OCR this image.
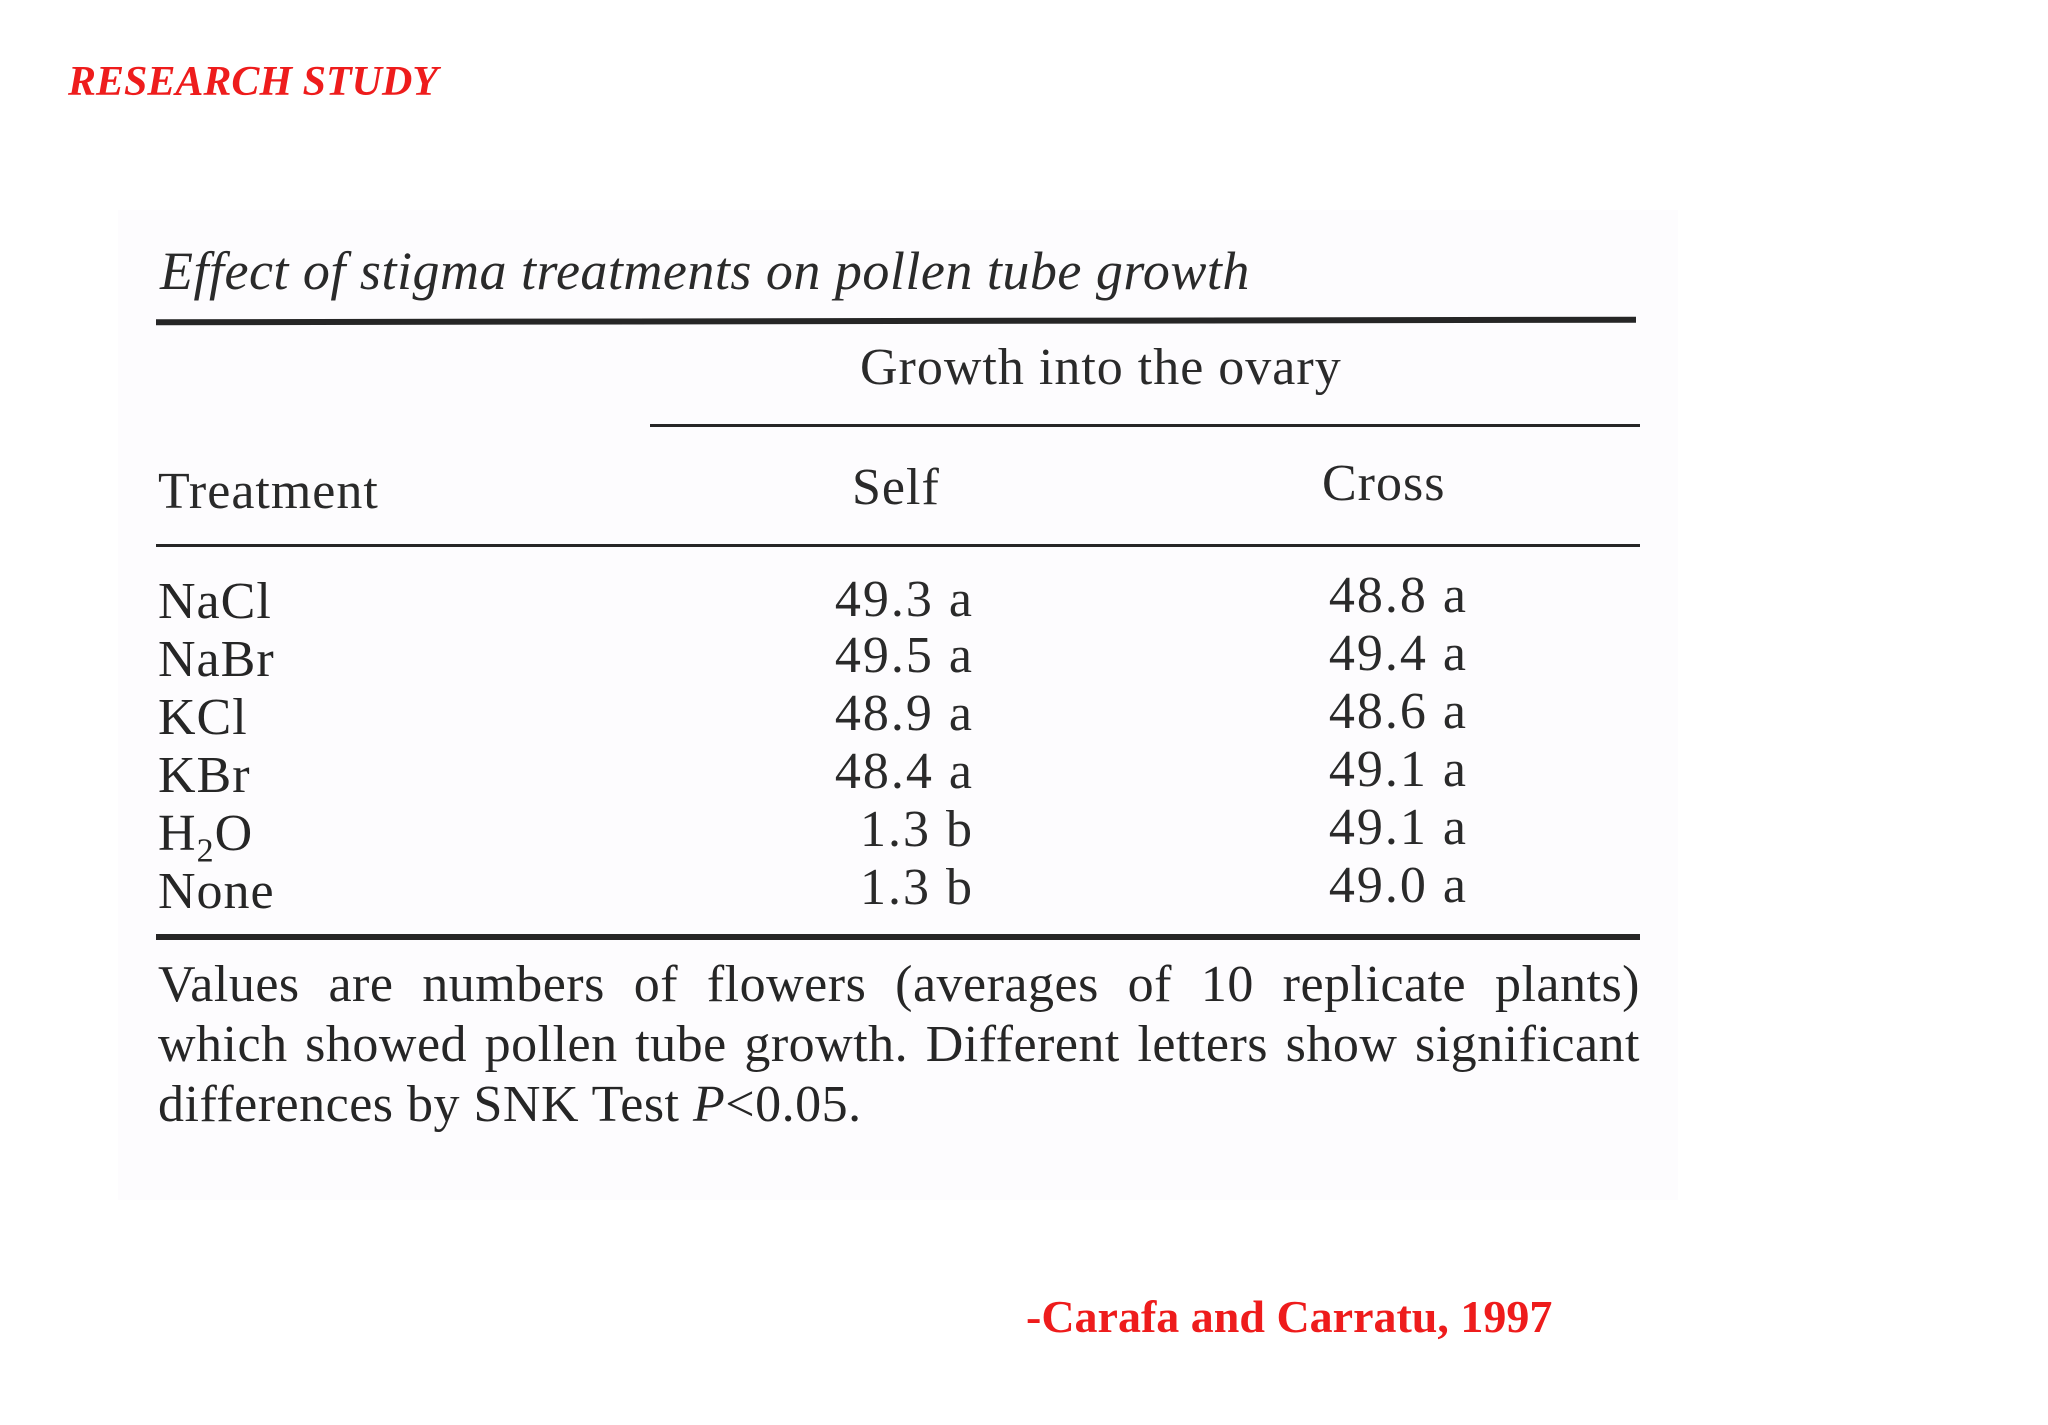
RESEARCH STUDY
Effect of stigma treatments on pollen tube growth
Growth into the ovary
Treatment	Self	Cross
NaCl	49.3 a	48.8 a
NaBr	49.5 a	49.4 a
KCl	48.9 a	48.6 a
KBr	48.4 a	49.1 a
$H_2O$	1.3 b	49.1 a
None	1.3 b	49.0 a
Values are numbers of flowers (averages of 10 replicate plants) which showed pollen tube growth. Different letters show significant differences by SNK Test P<0.05.
-Carafa and Carratu, 1997
